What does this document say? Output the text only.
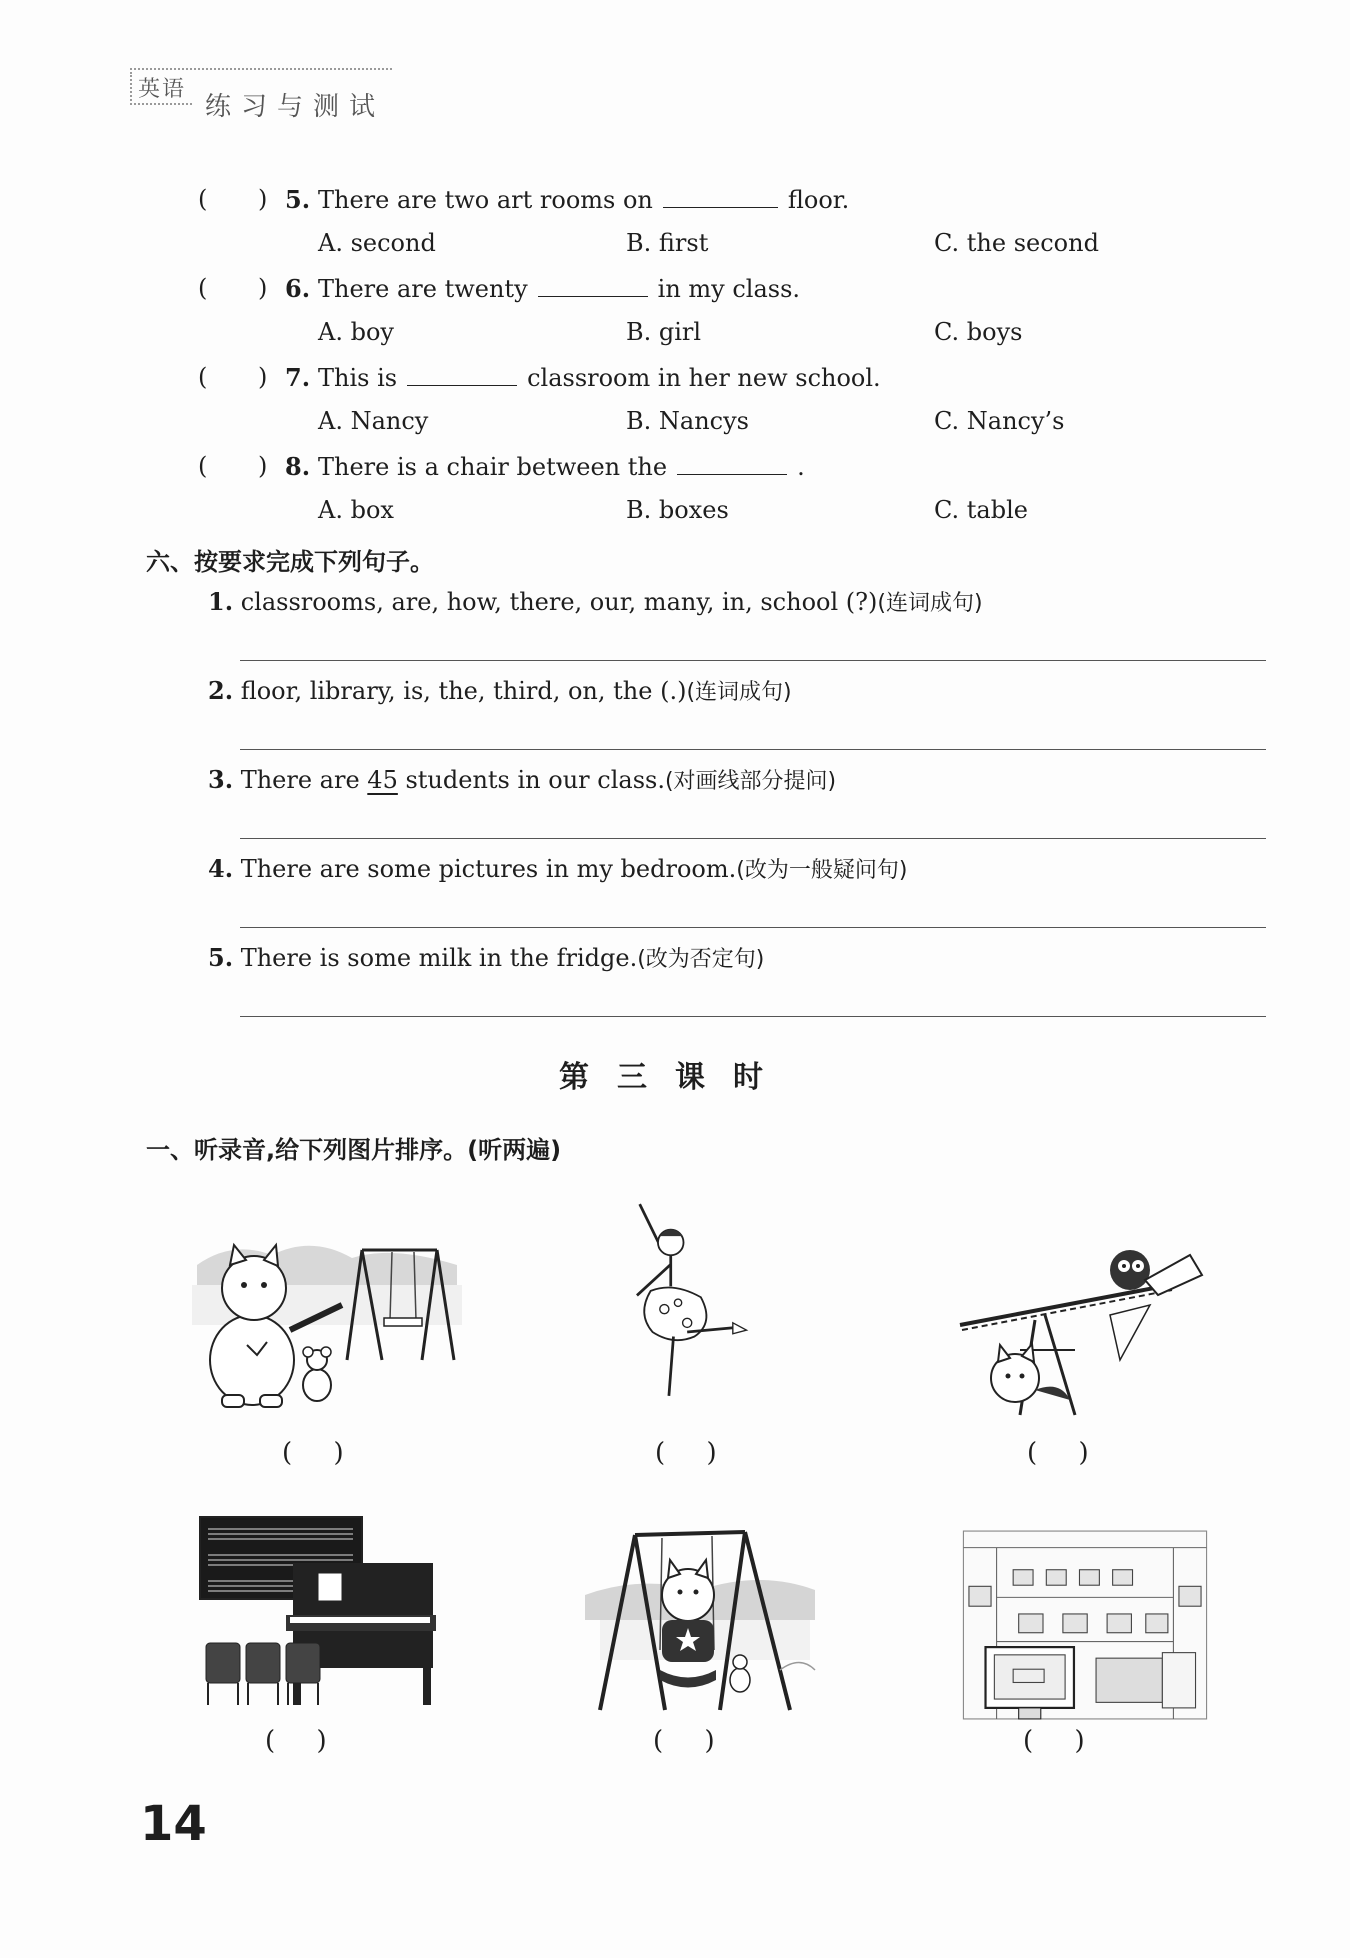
英语
练习与测试
( ) 5. There are two art rooms on	floor.
A. second	B. first	C. the second
( ) 6. There are twenty	in my class.
A. boy	B. girl	C. boys
( ) 7. This is	classroom in her new school.
A. Nancy	B. Nancys	C. Nancy’s
( ) 8. There is a chair between the	.
A. box	B. boxes	C. table
六、按要求完成下列句子。
1. classrooms, are, how, there, our, many, in, school (?)(连词成句)
2. floor, library, is, the, third, on, the (.)(连词成句)
3. There are 45 students in our class.(对画线部分提问)
4. There are some pictures in my bedroom.(改为一般疑问句)
5. There is some milk in the fridge.(改为否定句)
第三课时
一、听录音,给下列图片排序。(听两遍)
(     )	(     )	(     )
(     )	(     )	(     )
14
